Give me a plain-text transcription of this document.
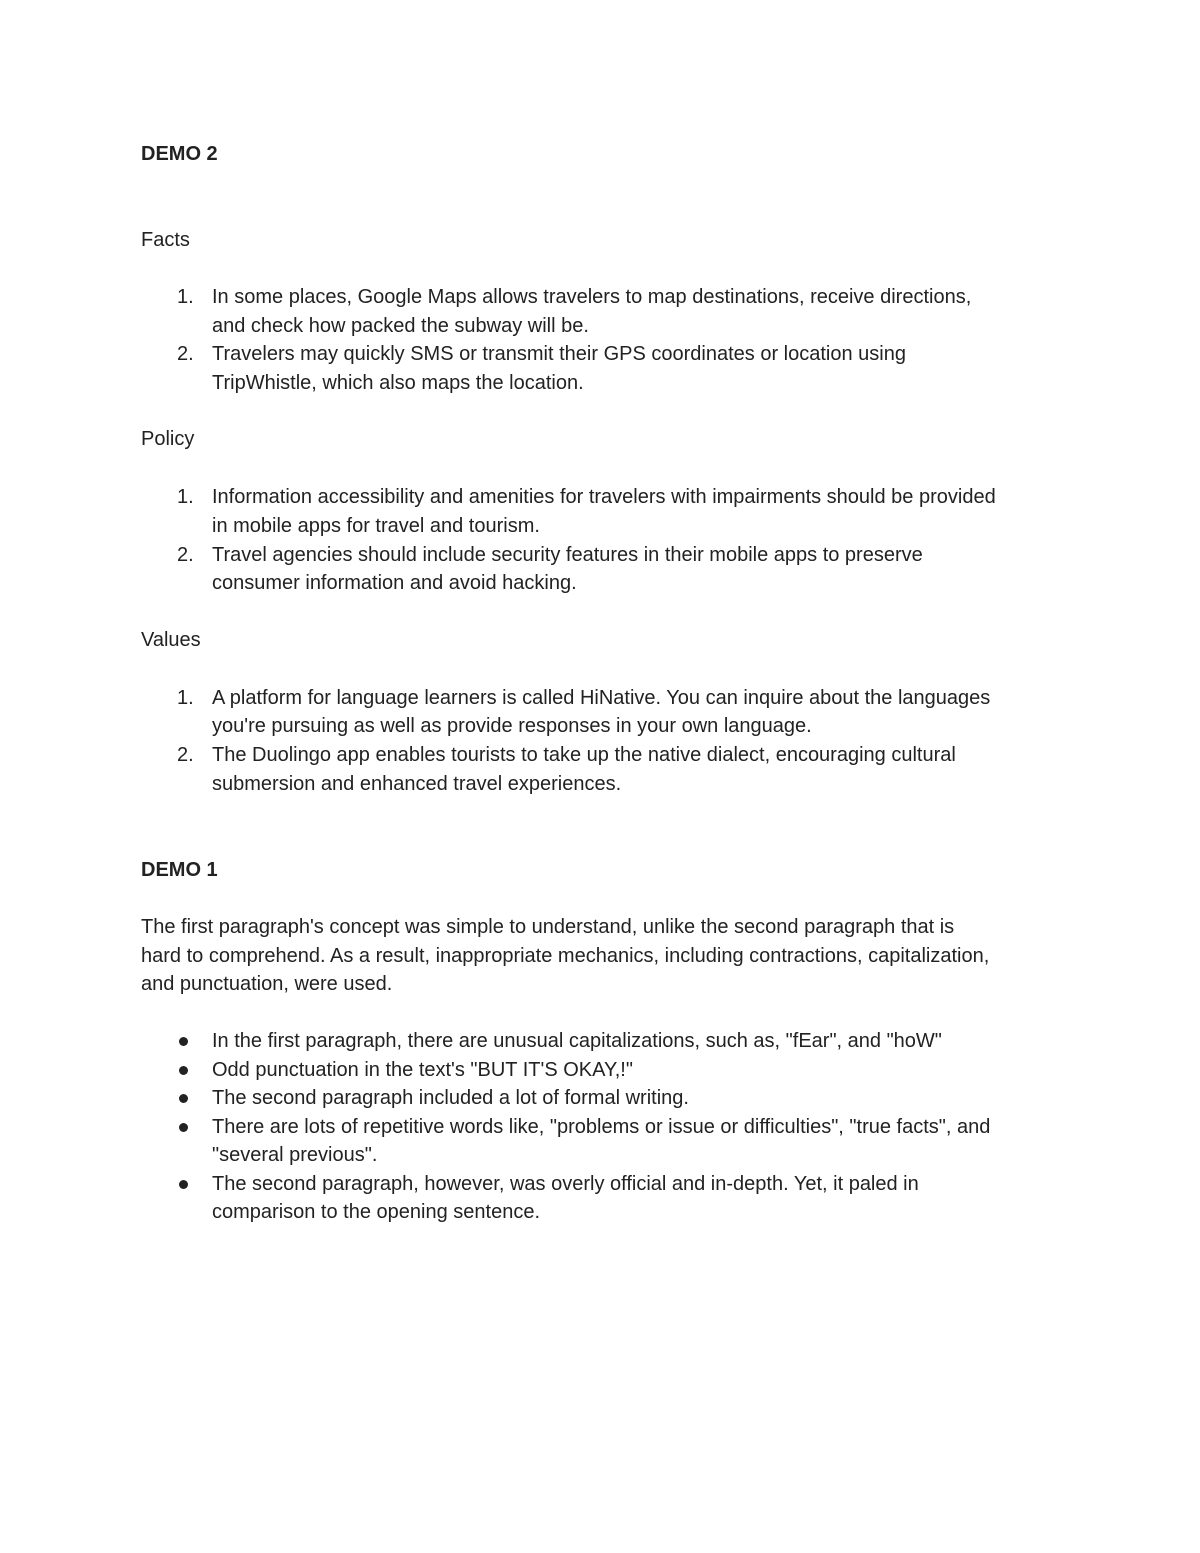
DEMO 2
Facts
1. In some places, Google Maps allows travelers to map destinations, receive directions,
and check how packed the subway will be.
2. Travelers may quickly SMS or transmit their GPS coordinates or location using
TripWhistle, which also maps the location.
Policy
1. Information accessibility and amenities for travelers with impairments should be provided
in mobile apps for travel and tourism.
2. Travel agencies should include security features in their mobile apps to preserve
consumer information and avoid hacking.
Values
1. A platform for language learners is called HiNative. You can inquire about the languages
you're pursuing as well as provide responses in your own language.
2. The Duolingo app enables tourists to take up the native dialect, encouraging cultural
submersion and enhanced travel experiences.
DEMO 1
The first paragraph's concept was simple to understand, unlike the second paragraph that is
hard to comprehend. As a result, inappropriate mechanics, including contractions, capitalization,
and punctuation, were used.
In the first paragraph, there are unusual capitalizations, such as, "fEar", and "hoW"
Odd punctuation in the text's "BUT IT'S OKAY,!"
The second paragraph included a lot of formal writing.
There are lots of repetitive words like, "problems or issue or difficulties", "true facts", and
"several previous".
The second paragraph, however, was overly official and in-depth. Yet, it paled in
comparison to the opening sentence.
